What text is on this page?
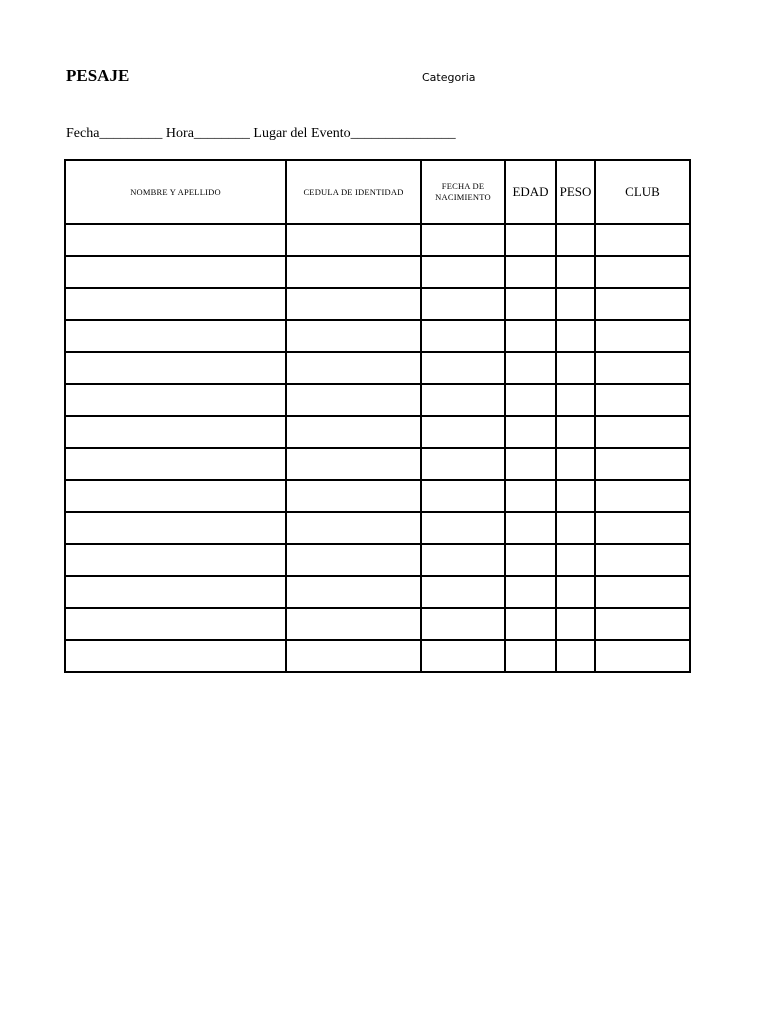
PESAJE	Categoria
Fecha_________ Hora________ Lugar del Evento_______________
NOMBRE Y APELLIDO	CEDULA DE IDENTIDAD	FECHA DE NACIMIENTO	EDAD	PESO	CLUB
